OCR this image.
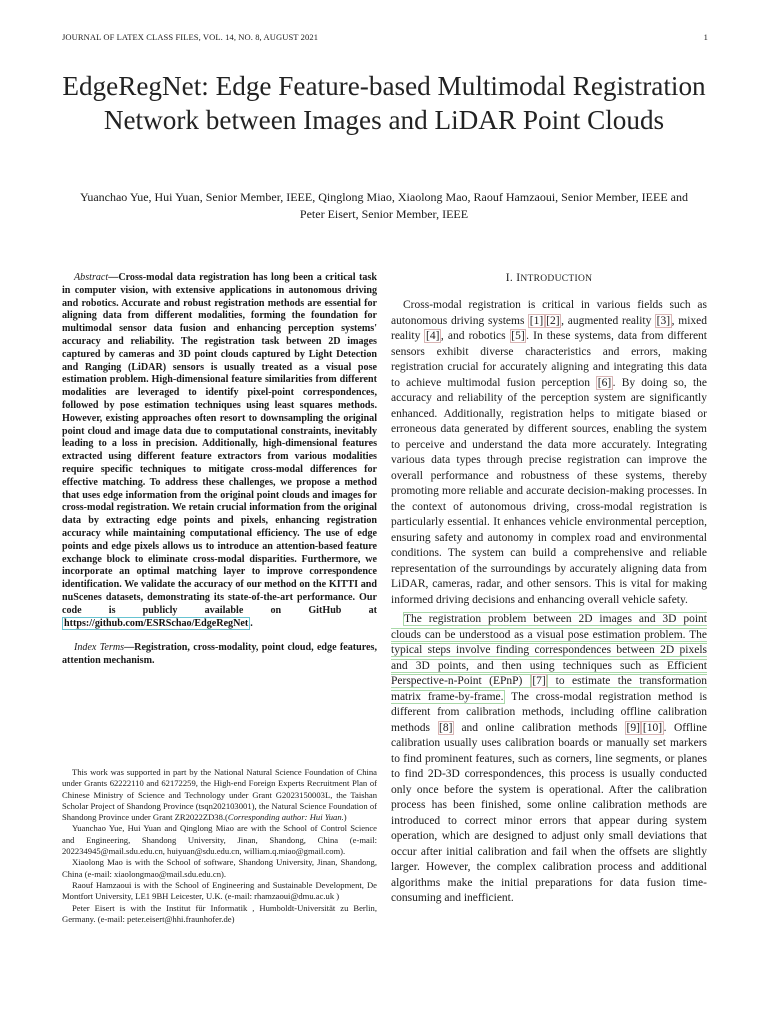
JOURNAL OF LATEX CLASS FILES, VOL. 14, NO. 8, AUGUST 2021	1
EdgeRegNet: Edge Feature-based Multimodal Registration Network between Images and LiDAR Point Clouds
Yuanchao Yue, Hui Yuan, Senior Member, IEEE, Qinglong Miao, Xiaolong Mao, Raouf Hamzaoui, Senior Member, IEEE and Peter Eisert, Senior Member, IEEE
Abstract—Cross-modal data registration has long been a critical task in computer vision, with extensive applications in autonomous driving and robotics. Accurate and robust registration methods are essential for aligning data from different modalities, forming the foundation for multimodal sensor data fusion and enhancing perception systems' accuracy and reliability. The registration task between 2D images captured by cameras and 3D point clouds captured by Light Detection and Ranging (LiDAR) sensors is usually treated as a visual pose estimation problem. High-dimensional feature similarities from different modalities are leveraged to identify pixel-point correspondences, followed by pose estimation techniques using least squares methods. However, existing approaches often resort to downsampling the original point cloud and image data due to computational constraints, inevitably leading to a loss in precision. Additionally, high-dimensional features extracted using different feature extractors from various modalities require specific techniques to mitigate cross-modal differences for effective matching. To address these challenges, we propose a method that uses edge information from the original point clouds and images for cross-modal registration. We retain crucial information from the original data by extracting edge points and pixels, enhancing registration accuracy while maintaining computational efficiency. The use of edge points and edge pixels allows us to introduce an attention-based feature exchange block to eliminate cross-modal disparities. Furthermore, we incorporate an optimal matching layer to improve correspondence identification. We validate the accuracy of our method on the KITTI and nuScenes datasets, demonstrating its state-of-the-art performance. Our code is publicly available on GitHub at https://github.com/ESRSchao/EdgeRegNet .
Index Terms—Registration, cross-modality, point cloud, edge features, attention mechanism.

This work was supported in part by the National Natural Science Foundation of China under Grants 62222110 and 62172259, the High-end Foreign Experts Recruitment Plan of Chinese Ministry of Science and Technology under Grant G2023150003L, the Taishan Scholar Project of Shandong Province (tsqn202103001), the Natural Science Foundation of Shandong Province under Grant ZR2022ZD38.(Corresponding author: Hui Yuan.)

Yuanchao Yue, Hui Yuan and Qinglong Miao are with the School of Control Science and Engineering, Shandong University, Jinan, Shandong, China (e-mail: 202234945@mail.sdu.edu.cn, huiyuan@sdu.edu.cn, william.q.miao@gmail.com).

Xiaolong Mao is with the School of software, Shandong University, Jinan, Shandong, China (e-mail: xiaolongmao@mail.sdu.edu.cn).

Raouf Hamzaoui is with the School of Engineering and Sustainable Development, De Montfort University, LE1 9BH Leicester, U.K. (e-mail: rhamzaoui@dmu.ac.uk )

Peter Eisert is with the Institut für Informatik , Humboldt-Universität zu Berlin, Germany. (e-mail: peter.eisert@hhi.fraunhofer.de)

I. INTRODUCTION

Cross-modal registration is critical in various fields such as autonomous driving systems [1] [2] , augmented reality [3] , mixed reality [4] , and robotics [5] . In these systems, data from different sensors exhibit diverse characteristics and errors, making registration crucial for accurately aligning and integrating this data to achieve multimodal fusion perception [6] . By doing so, the accuracy and reliability of the perception system are significantly enhanced. Additionally, registration helps to mitigate biased or erroneous data generated by different sources, enabling the system to perceive and understand the data more accurately. Integrating various data types through precise registration can improve the overall performance and robustness of these systems, thereby promoting more reliable and accurate decision-making processes. In the context of autonomous driving, cross-modal registration is particularly essential. It enhances vehicle environmental perception, ensuring safety and autonomy in complex road and environmental conditions. The system can build a comprehensive and reliable representation of the surroundings by accurately aligning data from LiDAR, cameras, radar, and other sensors. This is vital for making informed driving decisions and enhancing overall vehicle safety.

The registration problem between 2D images and 3D point clouds can be understood as a visual pose estimation problem. The typical steps involve finding correspondences between 2D pixels and 3D points, and then using techniques such as Efficient Perspective-n-Point (EPnP) [7] to estimate the transformation matrix frame-by-frame. The cross-modal registration method is different from calibration methods, including offline calibration methods [8] and online calibration methods [9] [10] . Offline calibration usually uses calibration boards or manually set markers to find prominent features, such as corners, line segments, or planes to find 2D-3D correspondences, this process is usually conducted only once before the system is operational. After the calibration process has been finished, some online calibration methods are introduced to correct minor errors that appear during system operation, which are designed to adjust only small deviations that occur after initial calibration and fail when the offsets are slightly larger. However, the complex calibration process and additional algorithms make the initial preparations for data fusion time-consuming and inefficient.
